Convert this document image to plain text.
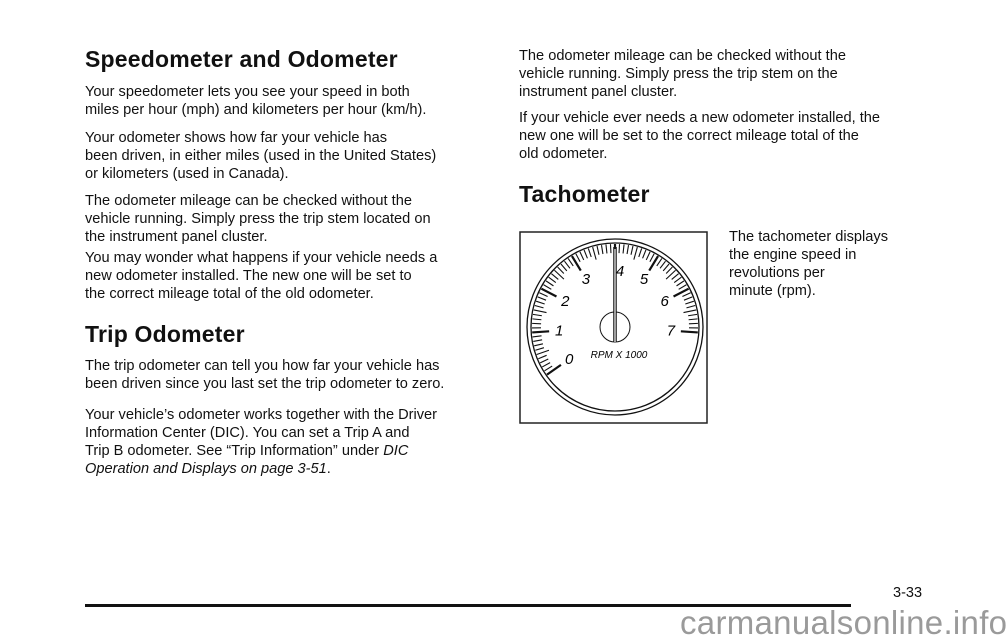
Speedometer and Odometer
Your speedometer lets you see your speed in both
miles per hour (mph) and kilometers per hour (km/h).
Your odometer shows how far your vehicle has
been driven, in either miles (used in the United States)
or kilometers (used in Canada).
The odometer mileage can be checked without the
vehicle running. Simply press the trip stem located on
the instrument panel cluster.
You may wonder what happens if your vehicle needs a
new odometer installed. The new one will be set to
the correct mileage total of the old odometer.
Trip Odometer
The trip odometer can tell you how far your vehicle has
been driven since you last set the trip odometer to zero.
Your vehicle’s odometer works together with the Driver
Information Center (DIC). You can set a Trip A and
Trip B odometer. See “Trip Information” under DIC
Operation and Displays on page 3-51.
The odometer mileage can be checked without the
vehicle running. Simply press the trip stem on the
instrument panel cluster.
If your vehicle ever needs a new odometer installed, the
new one will be set to the correct mileage total of the
old odometer.
Tachometer
The tachometer displays
the engine speed in
revolutions per
minute (rpm).
0
1
2
3 4 5
6
7
RPM X 1000
3-33
carmanualsonline.info
